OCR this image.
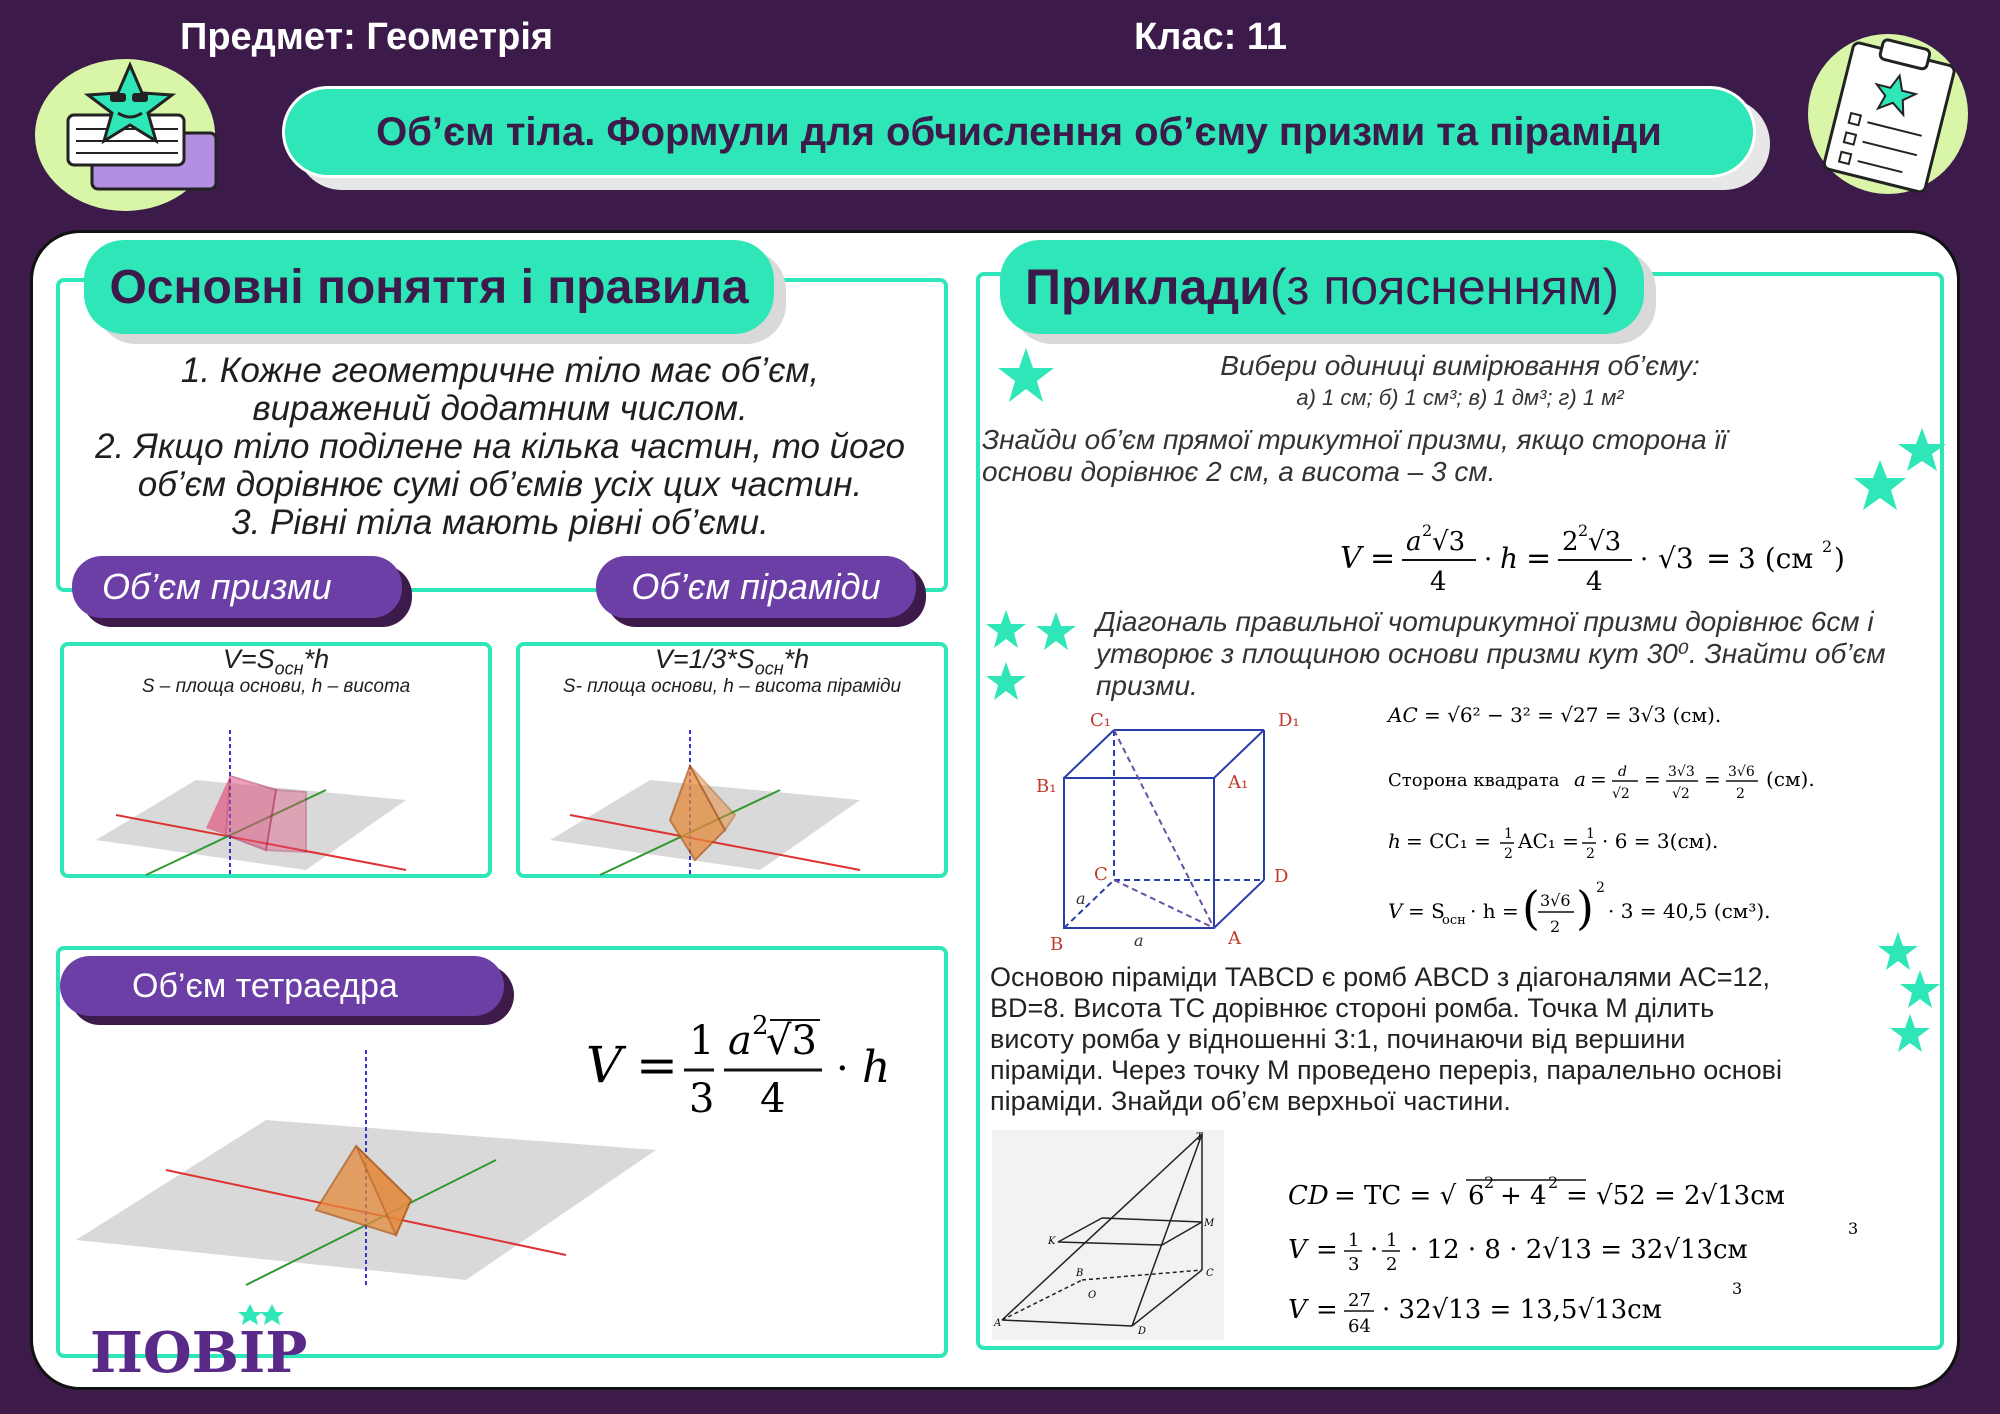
Предмет: Геометрія	Клас: 11
Об’єм тіла. Формули для обчислення об’єму призми та піраміди
Основні поняття і правила
1. Кожне геометричне тіло має об’єм,
виражений додатним числом.
2. Якщо тіло поділене на кілька частин, то його
об’єм дорівнює сумі об’ємів усіх цих частин.
3. Рівні тіла мають рівні об’єми.
Об’єм призми
$V=S_{осн}*h$
S – площа основи, h – висота
Об’єм піраміди
$V=1/3*S_{осн}*h$
S- площа основи, h – висота піраміди
Об’єм тетраедра
V = 1
3
a 2
√3
4
· h
ПОВІР
Приклади (з поясненням)
Вибери одиниці вимірювання об’єму:
а) 1 см; б) 1 см³; в) 1 дм³; г) 1 м²
Знайди об’єм прямої трикутної призми, якщо сторона її
основи дорівнює 2 см, а висота – 3 см.
V = a 2 √3
4
· h = 2 2 √3
4
· √3 = 3 (см 2 )
Діагональ правильної чотирикутної призми дорівнює 6см і
утворює з площиною основи призми кут 30⁰. Знайти об’єм
призми.
C₁	D₁
B₁	A₁
C	D
B	A
a
a
AC = √6² − 3² = √27 = 3√3 (см).
Сторона квадрата a = d
√2
= 3√3
√2
= 3√6
2
(см).
h = CC₁ = 1
2
AC₁ = 1
2
· 6 = 3(см).
V = S
осн · h = ( 3√6
2 ) 2
· 3 = 40,5 (см³).
Основою піраміди TABCD є ромб ABCD з діагоналями AC=12,
BD=8. Висота TC дорівнює стороні ромба. Точка M ділить
висоту ромба у відношенні 3:1, починаючи від вершини
піраміди. Через точку M проведено переріз, паралельно основі
піраміди. Знайди об’єм верхньої частини.
T
M
A
D
B	C
O
K
CD = TC = √ 6 2 + 4 2 = √52 = 2√13см
V = 1
3 · 1
2 · 12 · 8 · 2√13 = 32√13см
3
V = 27
64
· 32√13 = 13,5√13см
3
